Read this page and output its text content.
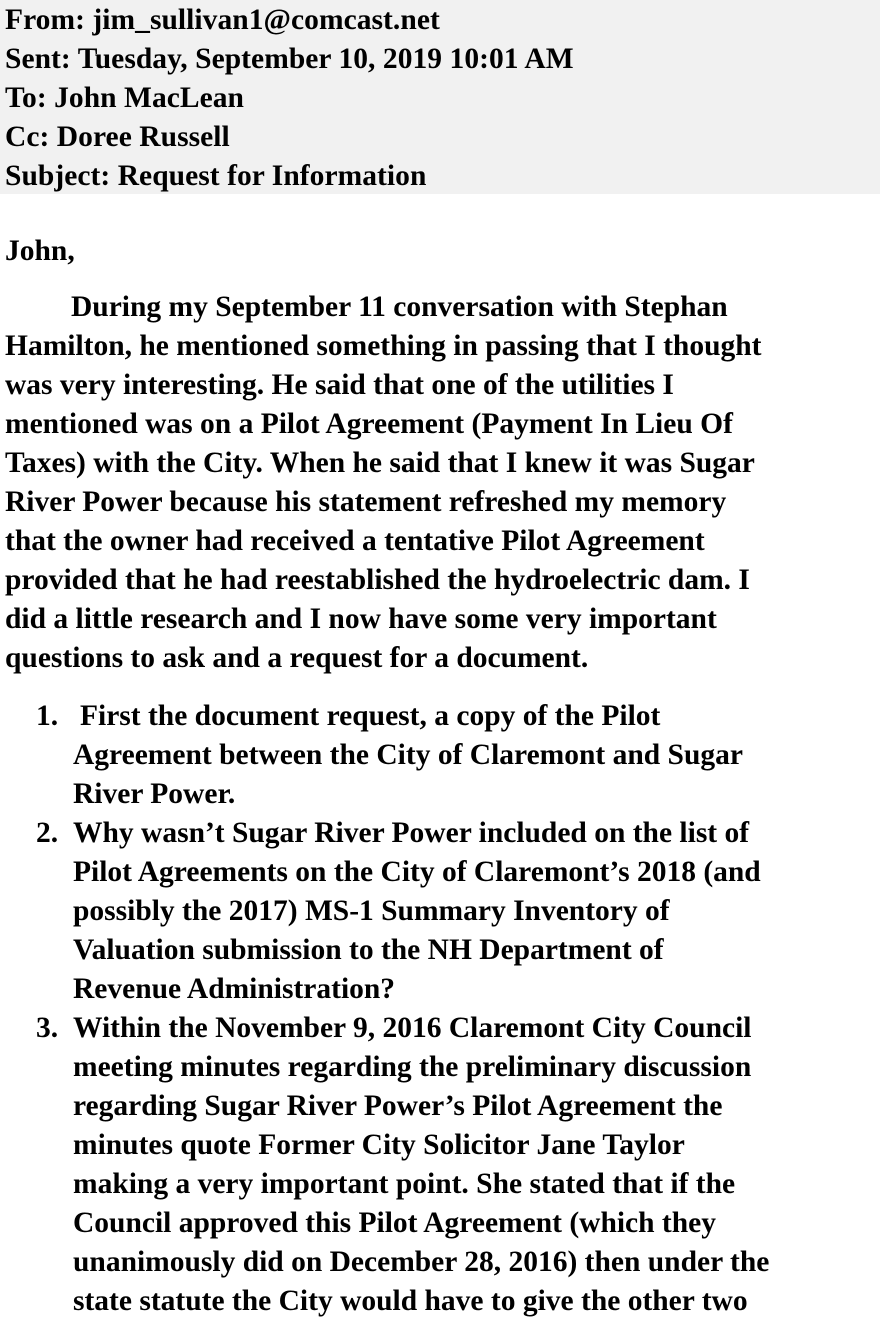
From: jim_sullivan1@comcast.net
Sent: Tuesday, September 10, 2019 10:01 AM
To: John MacLean
Cc: Doree Russell
Subject: Request for Information
John,
During my September 11 conversation with Stephan
Hamilton, he mentioned something in passing that I thought
was very interesting. He said that one of the utilities I
mentioned was on a Pilot Agreement (Payment In Lieu Of
Taxes) with the City. When he said that I knew it was Sugar
River Power because his statement refreshed my memory
that the owner had received a tentative Pilot Agreement
provided that he had reestablished the hydroelectric dam. I
did a little research and I now have some very important
questions to ask and a request for a document.
1. First the document request, a copy of the Pilot
Agreement between the City of Claremont and Sugar
River Power.
2. Why wasn’t Sugar River Power included on the list of
Pilot Agreements on the City of Claremont’s 2018 (and
possibly the 2017) MS-1 Summary Inventory of
Valuation submission to the NH Department of
Revenue Administration?
3. Within the November 9, 2016 Claremont City Council
meeting minutes regarding the preliminary discussion
regarding Sugar River Power’s Pilot Agreement the
minutes quote Former City Solicitor Jane Taylor
making a very important point. She stated that if the
Council approved this Pilot Agreement (which they
unanimously did on December 28, 2016) then under the
state statute the City would have to give the other two
